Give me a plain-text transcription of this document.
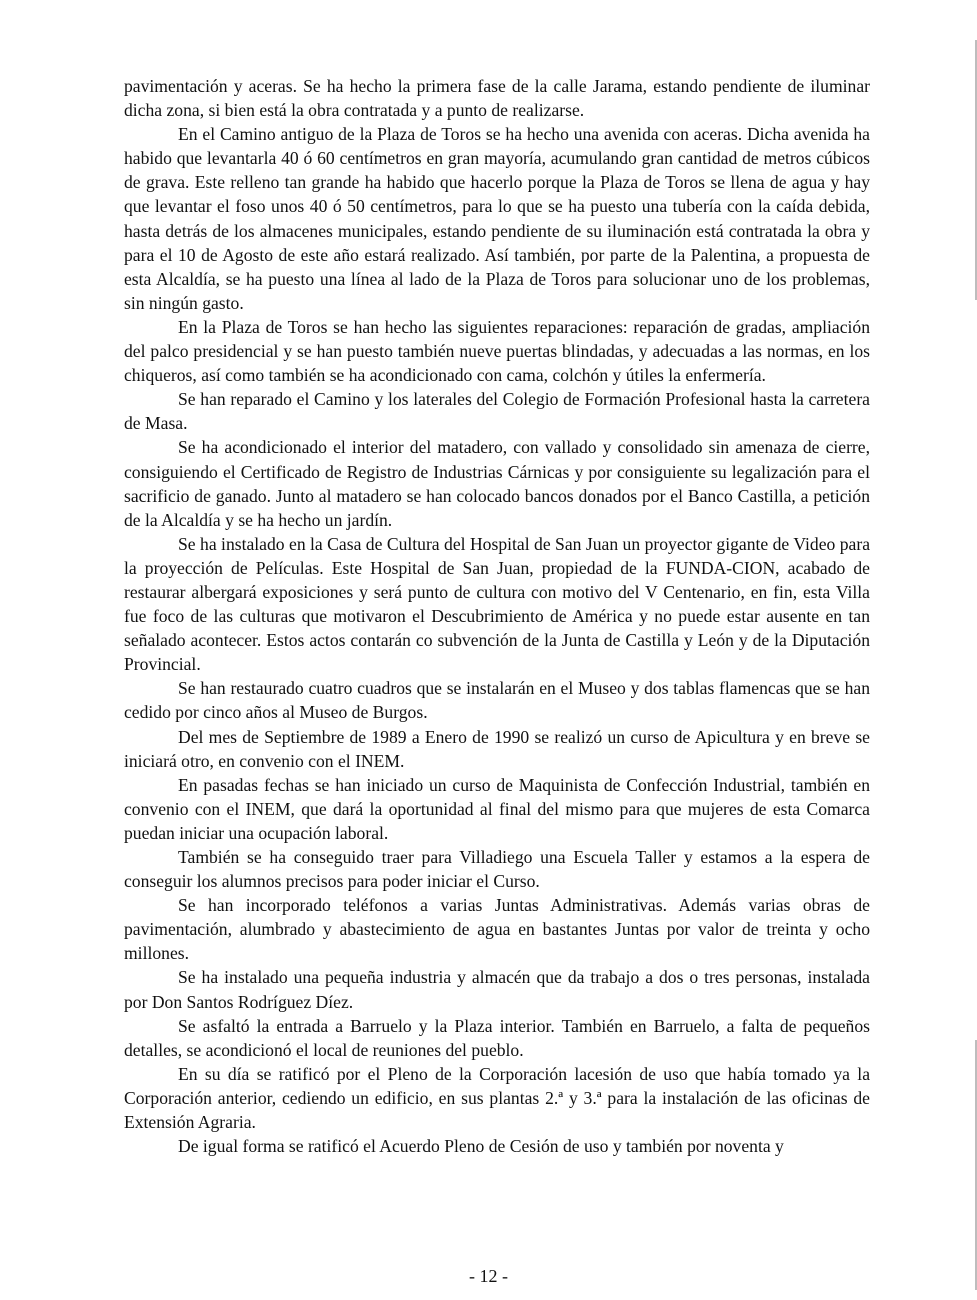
pavimentación y aceras. Se ha hecho la primera fase de la calle Jarama, estando pendiente de iluminar dicha zona, si bien está la obra contratada y a punto de realizarse.

En el Camino antiguo de la Plaza de Toros se ha hecho una avenida con aceras. Dicha avenida ha habido que levantarla 40 ó 60 centímetros en gran mayoría, acumulando gran cantidad de metros cúbicos de grava. Este relleno tan grande ha habido que hacerlo porque la Plaza de Toros se llena de agua y hay que levantar el foso unos 40 ó 50 centímetros, para lo que se ha puesto una tubería con la caída debida, hasta detrás de los almacenes municipales, estando pendiente de su iluminación está contratada la obra y para el 10 de Agosto de este año estará realizado. Así también, por parte de la Palentina, a propuesta de esta Alcaldía, se ha puesto una línea al lado de la Plaza de Toros para solucionar uno de los problemas, sin ningún gasto.

En la Plaza de Toros se han hecho las siguientes reparaciones: reparación de gradas, ampliación del palco presidencial y se han puesto también nueve puertas blindadas, y adecuadas a las normas, en los chiqueros, así como también se ha acondicionado con cama, colchón y útiles la enfermería.

Se han reparado el Camino y los laterales del Colegio de Formación Profesional hasta la carretera de Masa.

Se ha acondicionado el interior del matadero, con vallado y consolidado sin amenaza de cierre, consiguiendo el Certificado de Registro de Industrias Cárnicas y por consiguiente su legalización para el sacrificio de ganado. Junto al matadero se han colocado bancos donados por el Banco Castilla, a petición de la Alcaldía y se ha hecho un jardín.

Se ha instalado en la Casa de Cultura del Hospital de San Juan un proyector gigante de Video para la proyección de Películas. Este Hospital de San Juan, propiedad de la FUNDA-CION, acabado de restaurar albergará exposiciones y será punto de cultura con motivo del V Centenario, en fin, esta Villa fue foco de las culturas que motivaron el Descubrimiento de América y no puede estar ausente en tan señalado acontecer. Estos actos contarán co subvención de la Junta de Castilla y León y de la Diputación Provincial.

Se han restaurado cuatro cuadros que se instalarán en el Museo y dos tablas flamencas que se han cedido por cinco años al Museo de Burgos.

Del mes de Septiembre de 1989 a Enero de 1990 se realizó un curso de Apicultura y en breve se iniciará otro, en convenio con el INEM.

En pasadas fechas se han iniciado un curso de Maquinista de Confección Industrial, también en convenio con el INEM, que dará la oportunidad al final del mismo para que mujeres de esta Comarca puedan iniciar una ocupación laboral.

También se ha conseguido traer para Villadiego una Escuela Taller y estamos a la espera de conseguir los alumnos precisos para poder iniciar el Curso.

Se han incorporado teléfonos a varias Juntas Administrativas. Además varias obras de pavimentación, alumbrado y abastecimiento de agua en bastantes Juntas por valor de treinta y ocho millones.

Se ha instalado una pequeña industria y almacén que da trabajo a dos o tres personas, instalada por Don Santos Rodríguez Díez.

Se asfaltó la entrada a Barruelo y la Plaza interior. También en Barruelo, a falta de pequeños detalles, se acondicionó el local de reuniones del pueblo.

En su día se ratificó por el Pleno de la Corporación lacesión de uso que había tomado ya la Corporación anterior, cediendo un edificio, en sus plantas 2.ª y 3.ª para la instalación de las oficinas de Extensión Agraria.

De igual forma se ratificó el Acuerdo Pleno de Cesión de uso y también por noventa y

- 12 -
